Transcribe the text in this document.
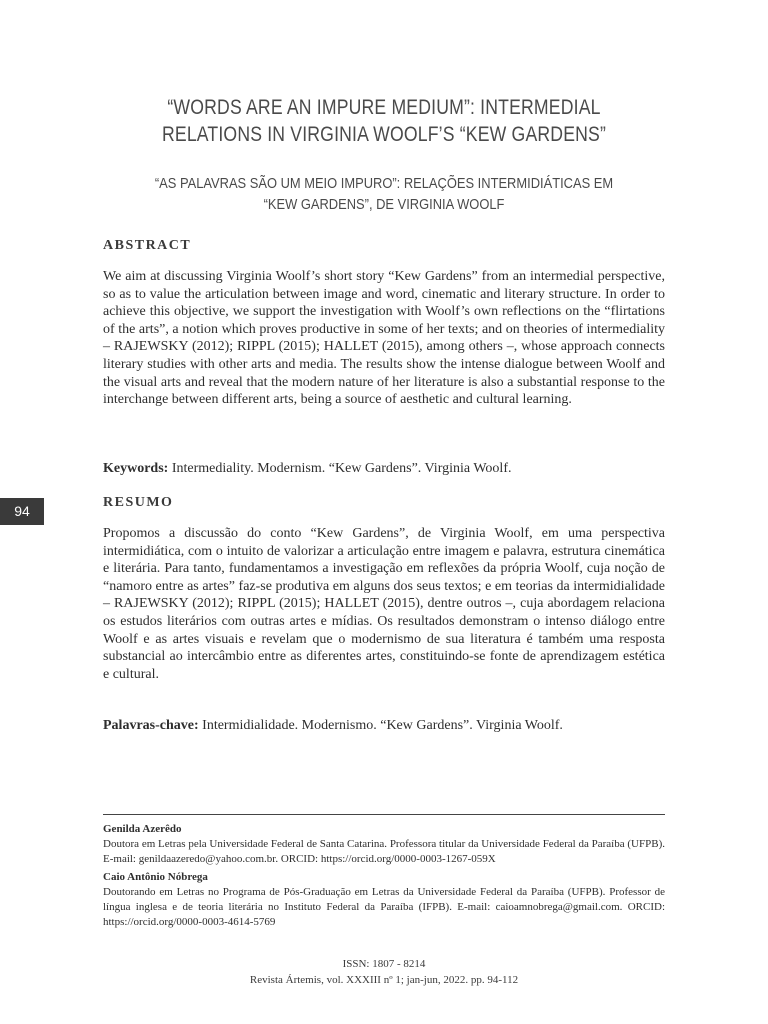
94
“WORDS ARE AN IMPURE MEDIUM”: INTERMEDIAL RELATIONS IN VIRGINIA WOOLF’S “KEW GARDENS”
“AS PALAVRAS SÃO UM MEIO IMPURO”: RELAÇÕES INTERMIDIÁTICAS EM “KEW GARDENS”, DE VIRGINIA WOOLF
ABSTRACT

We aim at discussing Virginia Woolf’s short story “Kew Gardens” from an intermedial perspective, so as to value the articulation between image and word, cinematic and literary structure. In order to achieve this objective, we support the investigation with Woolf’s own reflections on the “flirtations of the arts”, a notion which proves productive in some of her texts; and on theories of intermediality – RAJEWSKY (2012); RIPPL (2015); HALLET (2015), among others –, whose approach connects literary studies with other arts and media. The results show the intense dialogue between Woolf and the visual arts and reveal that the modern nature of her literature is also a substantial response to the interchange between different arts, being a source of aesthetic and cultural learning.

Keywords: Intermediality. Modernism. “Kew Gardens”. Virginia Woolf.

RESUMO

Propomos a discussão do conto “Kew Gardens”, de Virginia Woolf, em uma perspectiva intermidiática, com o intuito de valorizar a articulação entre imagem e palavra, estrutura cinemática e literária. Para tanto, fundamentamos a investigação em reflexões da própria Woolf, cuja noção de “namoro entre as artes” faz-se produtiva em alguns dos seus textos; e em teorias da intermidialidade – RAJEWSKY (2012); RIPPL (2015); HALLET (2015), dentre outros –, cuja abordagem relaciona os estudos literários com outras artes e mídias. Os resultados demonstram o intenso diálogo entre Woolf e as artes visuais e revelam que o modernismo de sua literatura é também uma resposta substancial ao intercâmbio entre as diferentes artes, constituindo-se fonte de aprendizagem estética e cultural.

Palavras-chave: Intermidialidade. Modernismo. “Kew Gardens”. Virginia Woolf.

Genilda Azerêdo
Doutora em Letras pela Universidade Federal de Santa Catarina. Professora titular da Universidade Federal da Paraíba (UFPB). E-mail: genildaazeredo@yahoo.com.br. ORCID: https://orcid.org/0000-0003-1267-059X

Caio Antônio Nóbrega
Doutorando em Letras no Programa de Pós-Graduação em Letras da Universidade Federal da Paraíba (UFPB). Professor de língua inglesa e de teoria literária no Instituto Federal da Paraíba (IFPB). E-mail: caioamnobrega@gmail.com. ORCID: https://orcid.org/0000-0003-4614-5769

ISSN: 1807 - 8214

Revista Ártemis, vol. XXXIII nº 1; jan-jun, 2022. pp. 94-112
